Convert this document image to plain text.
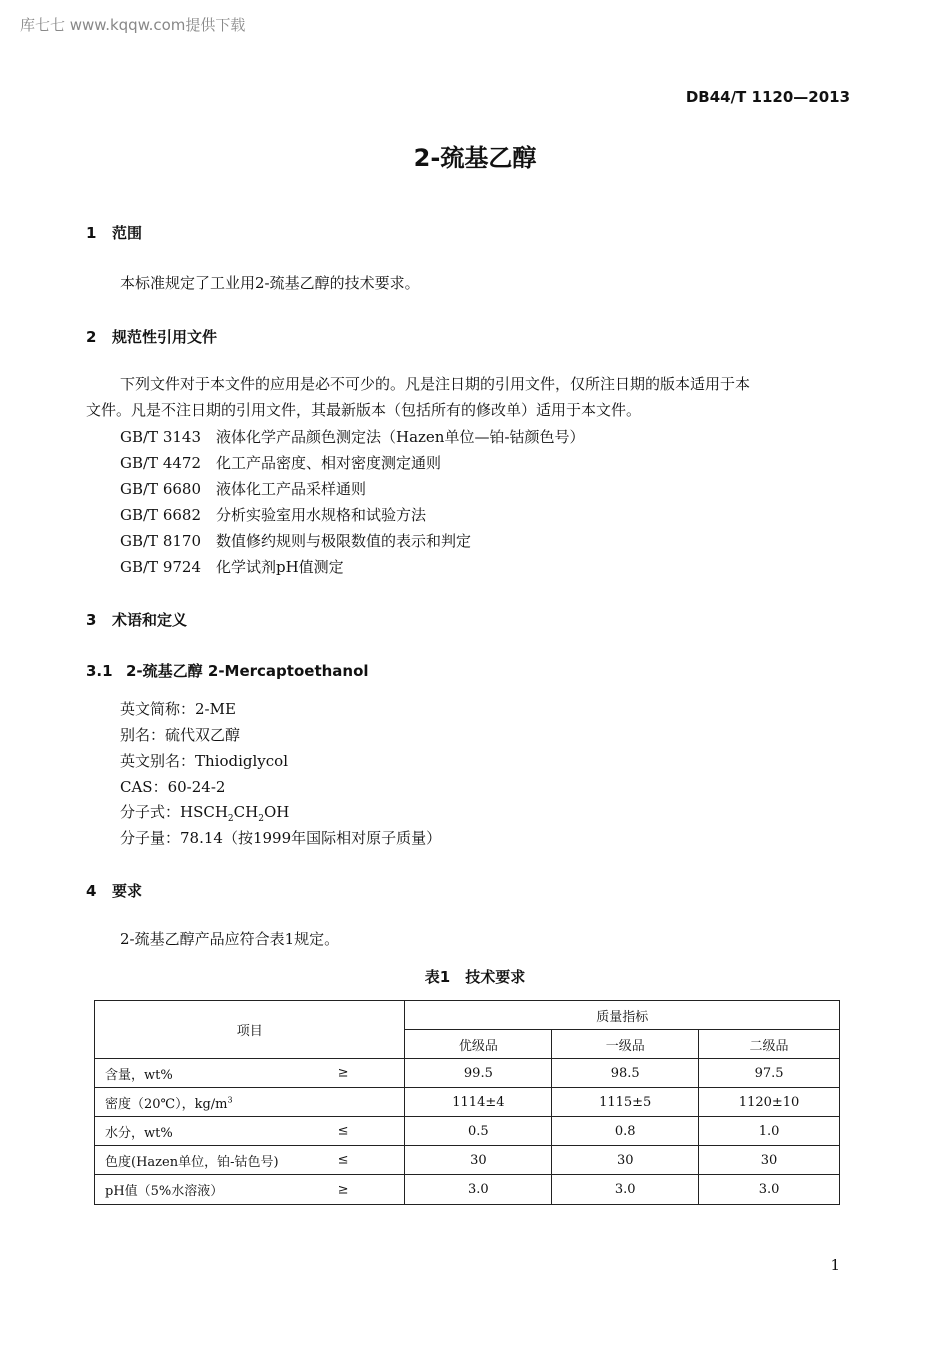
库七七 www.kqqw.com提供下载
DB44/T 1120—2013
2-巯基乙醇
1 范围
本标准规定了工业用2-巯基乙醇的技术要求。
2 规范性引用文件
下列文件对于本文件的应用是必不可少的。凡是注日期的引用文件，仅所注日期的版本适用于本
文件。凡是不注日期的引用文件，其最新版本（包括所有的修改单）适用于本文件。
GB/T 3143 液体化学产品颜色测定法（Hazen单位—铂-钴颜色号）
GB/T 4472 化工产品密度、相对密度测定通则
GB/T 6680 液体化工产品采样通则
GB/T 6682 分析实验室用水规格和试验方法
GB/T 8170 数值修约规则与极限数值的表示和判定
GB/T 9724 化学试剂pH值测定
3 术语和定义
3.1 2-巯基乙醇 2-Mercaptoethanol
英文简称：2-ME
别名：硫代双乙醇
英文别名：Thiodiglycol
CAS：60-24-2
分子式：$HSCH_2CH_2OH$
分子量：78.14（按1999年国际相对原子质量）
4 要求
2-巯基乙醇产品应符合表1规定。
表1　技术要求
项目	质量指标		
	优级品	一级品	二级品
含量，wt% ≥	99.5	98.5	97.5
密度（20℃），$kg/m^3$	1114±4	1115±5	1120±10
水分，wt% ≤	0.5	0.8	1.0
色度(Hazen单位，铂-钴色号) ≤	30	30	30
pH值（5%水溶液） ≥	3.0	3.0	3.0
1
